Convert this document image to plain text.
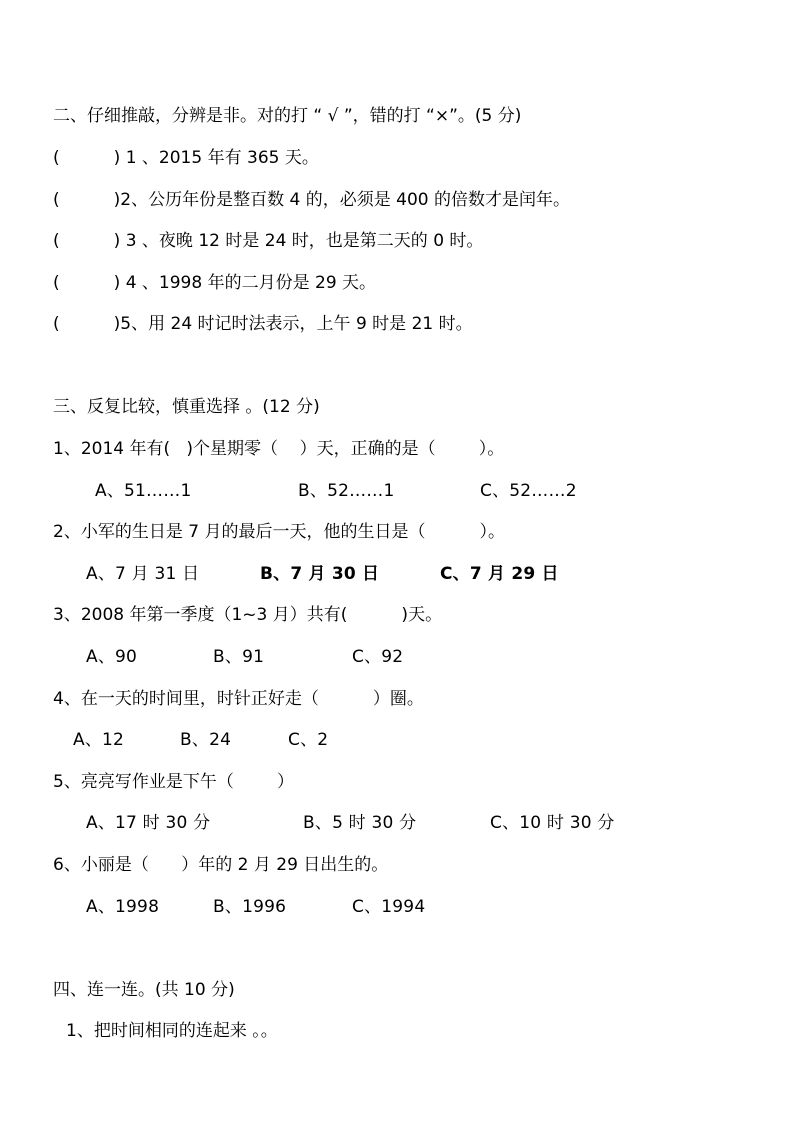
二、仔细推敲，分辨是非。对的打 “ √ ”，错的打 “×”。(5 分)
(          ) 1 、2015 年有 365 天。
(          )2、公历年份是整百数 4 的，必须是 400 的倍数才是闰年。
(          ) 3 、夜晚 12 时是 24 时，也是第二天的 0 时。
(          ) 4 、1998 年的二月份是 29 天。
(          )5、用 24 时记时法表示，上午 9 时是 21 时。
三、反复比较，慎重选择 。(12 分)
1、2014 年有(   )个星期零（    ）天，正确的是（        ）。
A、51……1	B、52……1	C、52……2
2、小军的生日是 7 月的最后一天，他的生日是（          ）。
A、7 月 31 日	B、7 月 30 日	C、7 月 29 日
3、2008 年第一季度（1~3 月）共有(          )天。
A、90	B、91	C、92
4、在一天的时间里，时针正好走（          ）圈。
A、12	B、24	C、2
5、亮亮写作业是下午（        ）
A、17 时 30 分	B、5 时 30 分	C、10 时 30 分
6、小丽是（      ）年的 2 月 29 日出生的。
A、1998	B、1996	C、1994
四、连一连。(共 10 分)
1、把时间相同的连起来 。。
